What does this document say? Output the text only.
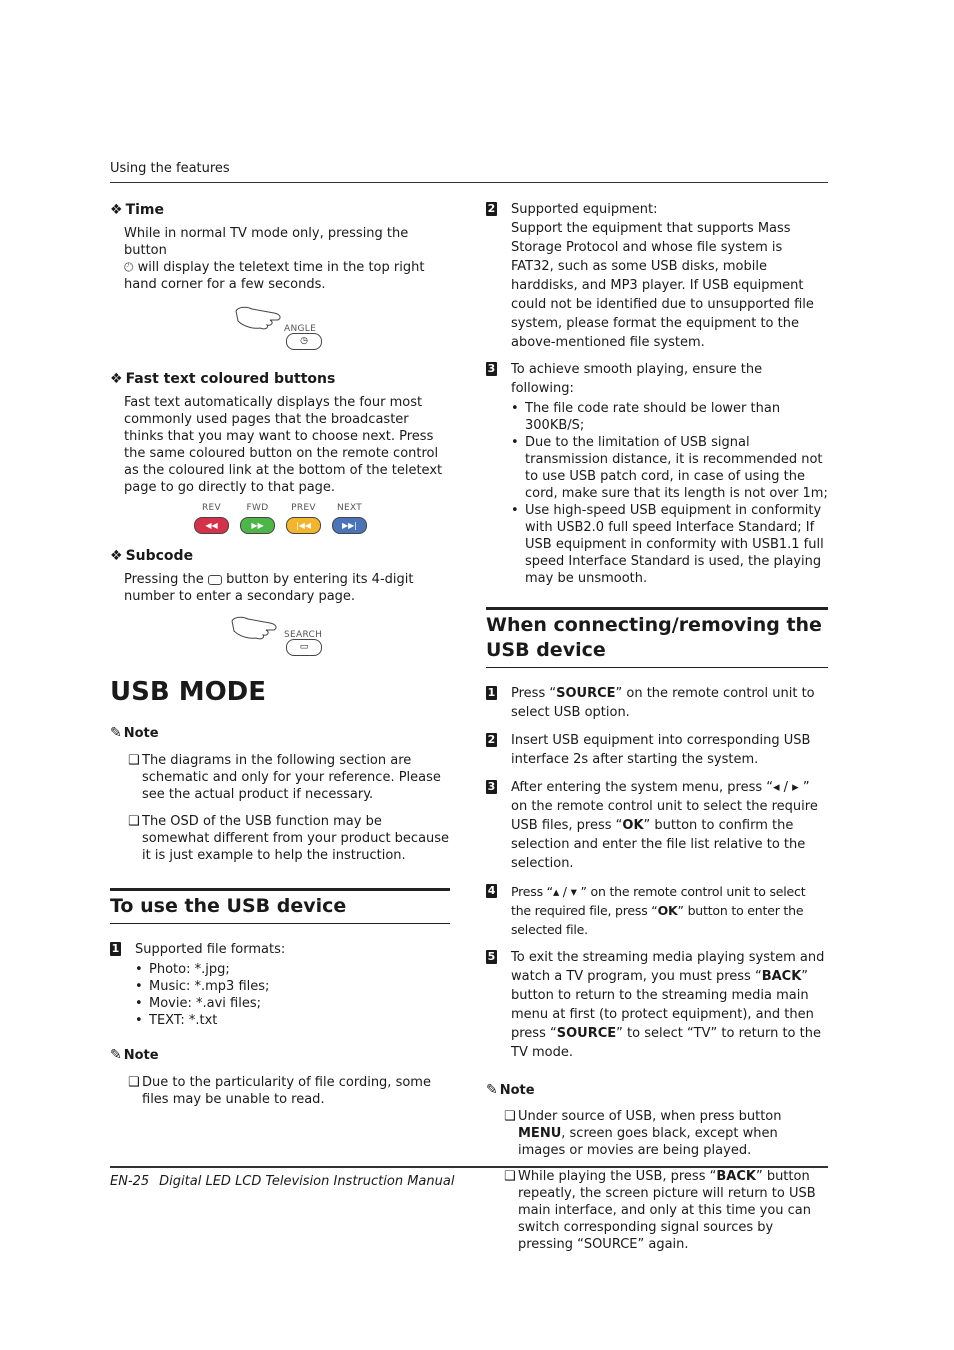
Using the features
❖ Time
While in normal TV mode only, pressing the button
🕘︎ will display the teletext time in the top right hand corner for a few seconds.
ANGLE
◷
❖ Fast text coloured buttons
Fast text automatically displays the four most commonly used pages that the broadcaster thinks that you may want to choose next. Press the same coloured button on the remote control as the coloured link at the bottom of the teletext page to go directly to that page.
REV
◀◀
FWD
▶▶
PREV
|◀◀
NEXT
▶▶|
❖ Subcode
Pressing the  button by entering its 4-digit number to enter a secondary page.
SEARCH
▭
USB MODE
✎ Note
❑ The diagrams in the following section are schematic and only for your reference. Please see the actual product if necessary.
❑ The OSD of the USB function may be somewhat different from your product because it is just example to help the instruction.
To use the USB device
1 Supported file formats:
• Photo: *.jpg;
• Music: *.mp3 files;
• Movie: *.avi files;
• TEXT: *.txt
✎ Note
❑ Due to the particularity of file cording, some files may be unable to read.
2 Supported equipment:
Support the equipment that supports Mass Storage Protocol and whose file system is FAT32, such as some USB disks, mobile harddisks, and MP3 player. If USB equipment could not be identified due to unsupported file system, please format the equipment to the above-mentioned file system.
3 To achieve smooth playing, ensure the following:
• The file code rate should be lower than 300KB/S;
• Due to the limitation of USB signal transmission distance, it is recommended not to use USB patch cord, in case of using the cord, make sure that its length is not over 1m;
• Use high-speed USB equipment in conformity with USB2.0 full speed Interface Standard; If USB equipment in conformity with USB1.1 full speed Interface Standard is used, the playing may be unsmooth.
When connecting/removing the USB device
1 Press “SOURCE” on the remote control unit to select USB option.
2 Insert USB equipment into corresponding USB interface 2s after starting the system.
3 After entering the system menu, press “◂ / ▸ ” on the remote control unit to select the require USB files, press “OK” button to confirm the selection and enter the file list relative to the selection.
4 Press “▴ / ▾ ” on the remote control unit to select the required file, press “OK” button to enter the selected file.
5 To exit the streaming media playing system and watch a TV program, you must press “BACK” button to return to the streaming media main menu at first (to protect equipment), and then press “SOURCE” to select “TV” to return to the TV mode.
✎ Note
❑ Under source of USB, when press button MENU, screen goes black, except when images or movies are being played.
❑ While playing the USB, press “BACK” button repeatly, the screen picture will return to USB main interface, and only at this time you can switch corresponding signal sources by pressing “SOURCE” again.
EN-25 Digital LED LCD Television Instruction Manual
